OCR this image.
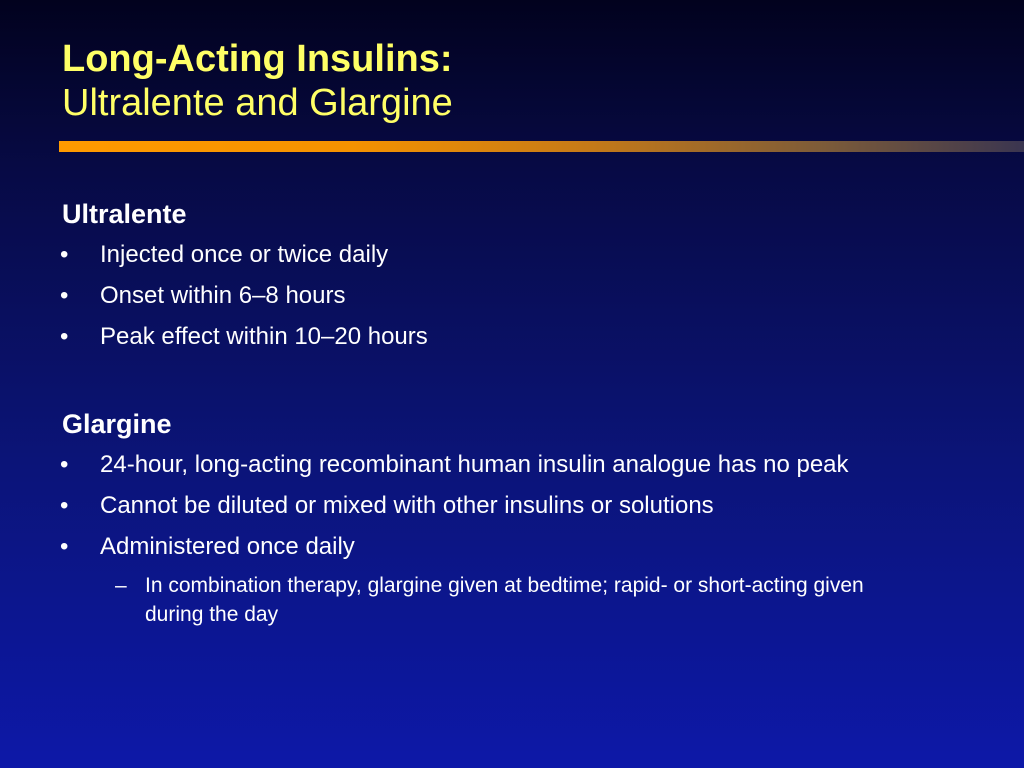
Long-Acting Insulins:
Ultralente and Glargine
Ultralente
• Injected once or twice daily
• Onset within 6–8 hours
• Peak effect within 10–20 hours
Glargine
• 24-hour, long-acting recombinant human insulin analogue has no peak
• Cannot be diluted or mixed with other insulins or solutions
• Administered once daily
– In combination therapy, glargine given at bedtime; rapid- or short-acting given during the day
